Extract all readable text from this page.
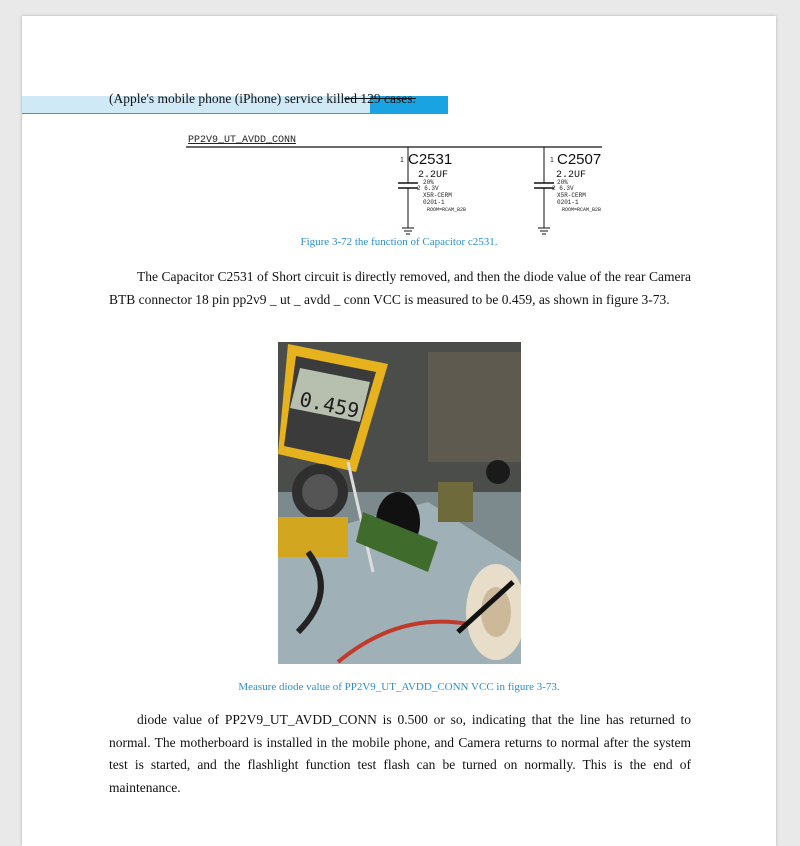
(Apple's mobile phone (iPhone) service killed 129 cases.
PP2V9_UT_AVDD_CONN
1 C2531
2.2UF
20%
2 6.3V
X5R-CERM
0201-1
ROOM=RCAM_B2B
1 C2507
2.2UF
20%
2 6.3V
X5R-CERM
0201-1
ROOM=RCAM_B2B
Figure 3-72 the function of Capacitor c2531.
The Capacitor C2531 of Short circuit is directly removed, and then the diode value of the rear Camera BTB connector 18 pin pp2v9 _ ut _ avdd _ conn VCC is measured to be 0.459, as shown in figure 3-73.
0.459
Measure diode value of PP2V9_UT_AVDD_CONN VCC in figure 3-73.
diode value of PP2V9_UT_AVDD_CONN is 0.500 or so, indicating that the line has returned to normal. The motherboard is installed in the mobile phone, and Camera returns to normal after the system test is started, and the flashlight function test flash can be turned on normally. This is the end of maintenance.
